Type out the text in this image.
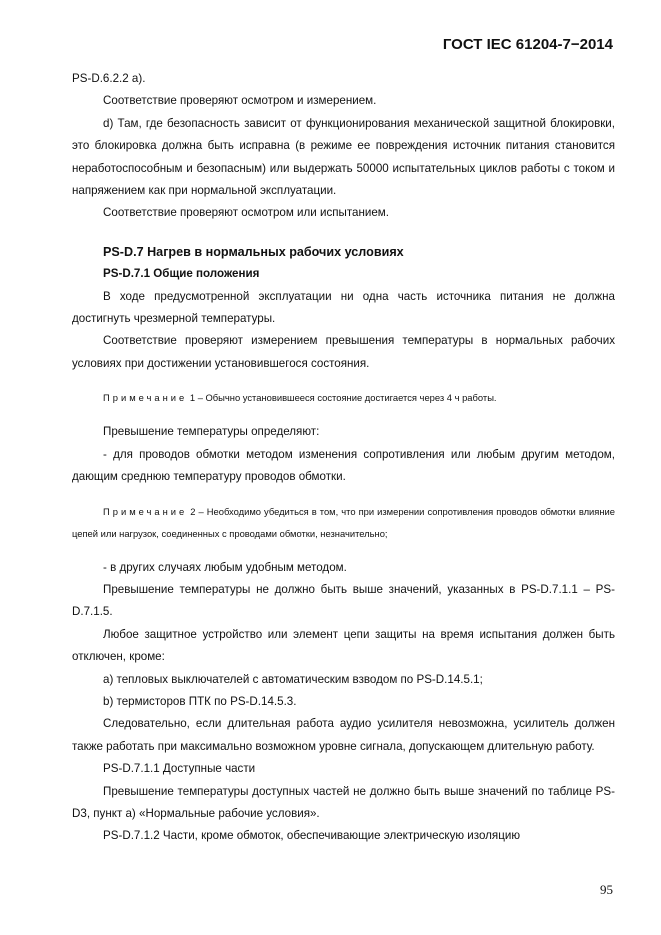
ГОСТ IEC 61204-7−2014

PS-D.6.2.2 а).

Соответствие проверяют осмотром и измерением.

d) Там, где безопасность зависит от функционирования механической защитной блокировки, это блокировка должна быть исправна (в режиме ее повреждения источник питания становится неработоспособным и безопасным) или выдержать 50000 испытательных циклов работы с током и напряжением как при нормальной эксплуатации.

Соответствие проверяют осмотром или испытанием.

PS-D.7 Нагрев в нормальных рабочих условиях

PS-D.7.1 Общие положения

В ходе предусмотренной эксплуатации ни одна часть источника питания не должна достигнуть чрезмерной температуры.

Соответствие проверяют измерением превышения температуры в нормальных рабочих условиях при достижении установившегося состояния.

Примечание 1 – Обычно установившееся состояние достигается через 4 ч работы.

Превышение температуры определяют:

- для проводов обмотки методом изменения сопротивления или любым другим методом, дающим среднюю температуру проводов обмотки.

Примечание 2 – Необходимо убедиться в том, что при измерении сопротивления проводов обмотки влияние цепей или нагрузок, соединенных с проводами обмотки, незначительно;

- в других случаях любым удобным методом.

Превышение температуры не должно быть выше значений, указанных в PS-D.7.1.1 – PS-D.7.1.5.

Любое защитное устройство или элемент цепи защиты на время испытания должен быть отключен, кроме:

а) тепловых выключателей с автоматическим взводом по PS-D.14.5.1;

b) термисторов ПТК по PS-D.14.5.3.

Следовательно, если длительная работа аудио усилителя невозможна, усилитель должен также работать при максимально возможном уровне сигнала, допускающем длительную работу.

PS-D.7.1.1 Доступные части

Превышение температуры доступных частей не должно быть выше значений по таблице PS-D3, пункт а) «Нормальные рабочие условия».

PS-D.7.1.2 Части, кроме обмоток, обеспечивающие электрическую изоляцию

95
